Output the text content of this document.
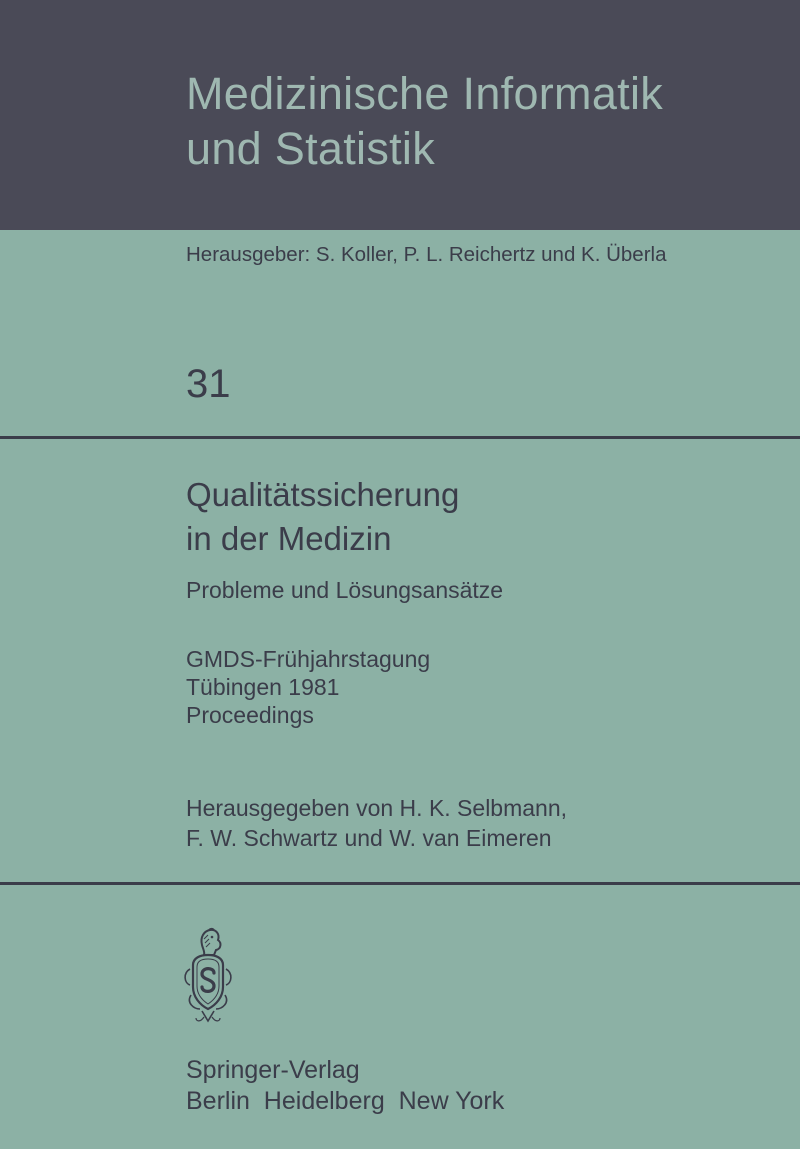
Medizinische Informatik
und Statistik
Herausgeber: S. Koller, P. L. Reichertz und K. Überla
31
Qualitätssicherung
in der Medizin
Probleme und Lösungsansätze
GMDS-Frühjahrstagung
Tübingen 1981
Proceedings
Herausgegeben von H. K. Selbmann,
F. W. Schwartz und W. van Eimeren
Springer-Verlag
Berlin  Heidelberg  New York
